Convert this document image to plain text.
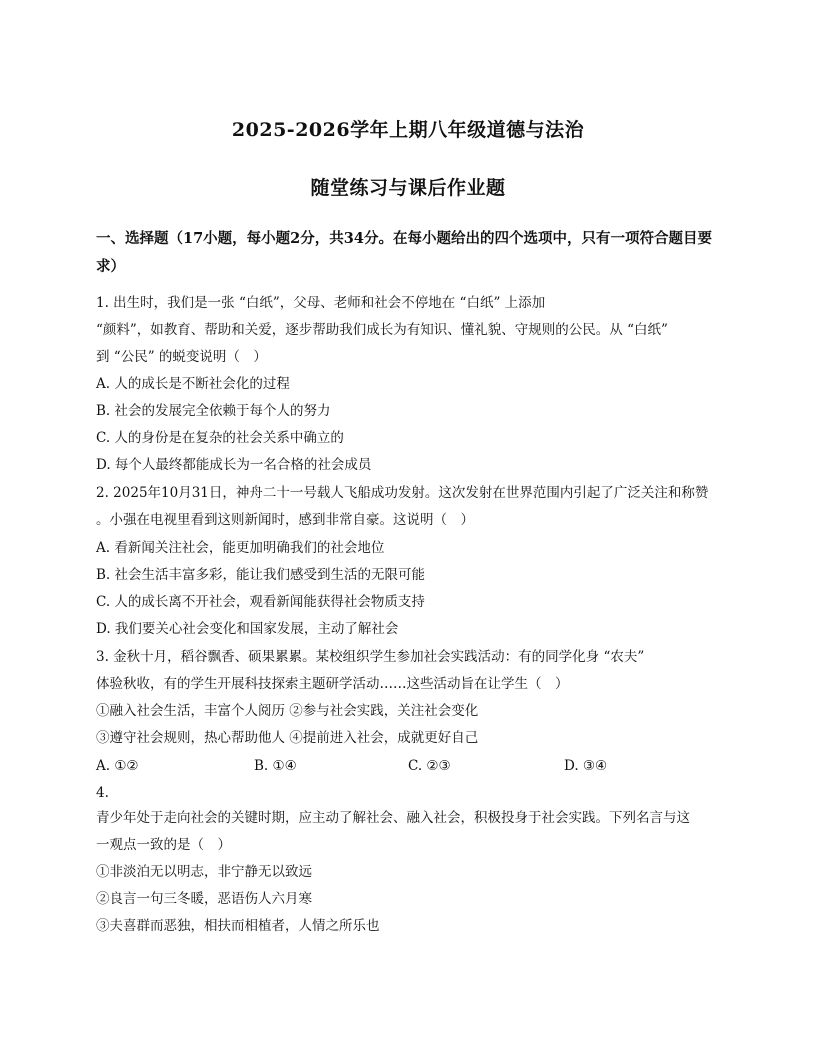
2025-2026学年上期八年级道德与法治
随堂练习与课后作业题
一、选择题（17小题，每小题2分，共34分。在每小题给出的四个选项中，只有一项符合题目要求）
1. 出生时，我们是一张 “白纸”，父母、老师和社会不停地在 “白纸” 上添加
“颜料”，如教育、帮助和关爱，逐步帮助我们成长为有知识、懂礼貌、守规则的公民。从 “白纸”
到 “公民” 的蜕变说明（　）
A. 人的成长是不断社会化的过程
B. 社会的发展完全依赖于每个人的努力
C. 人的身份是在复杂的社会关系中确立的
D. 每个人最终都能成长为一名合格的社会成员
2. 2025年10月31日，神舟二十一号载人飞船成功发射。这次发射在世界范围内引起了广泛关注和称赞
。小强在电视里看到这则新闻时，感到非常自豪。这说明（　）
A. 看新闻关注社会，能更加明确我们的社会地位
B. 社会生活丰富多彩，能让我们感受到生活的无限可能
C. 人的成长离不开社会，观看新闻能获得社会物质支持
D. 我们要关心社会变化和国家发展，主动了解社会
3. 金秋十月，稻谷飘香、硕果累累。某校组织学生参加社会实践活动：有的同学化身 “农夫”
体验秋收，有的学生开展科技探索主题研学活动……这些活动旨在让学生（　）
①融入社会生活，丰富个人阅历 ②参与社会实践，关注社会变化
③遵守社会规则，热心帮助他人 ④提前进入社会，成就更好自己
A. ①②	B. ①④	C. ②③	D. ③④
4.
青少年处于走向社会的关键时期，应主动了解社会、融入社会，积极投身于社会实践。下列名言与这
一观点一致的是（　）
①非淡泊无以明志，非宁静无以致远
②良言一句三冬暖，恶语伤人六月寒
③夫喜群而恶独，相扶而相植者，人情之所乐也
